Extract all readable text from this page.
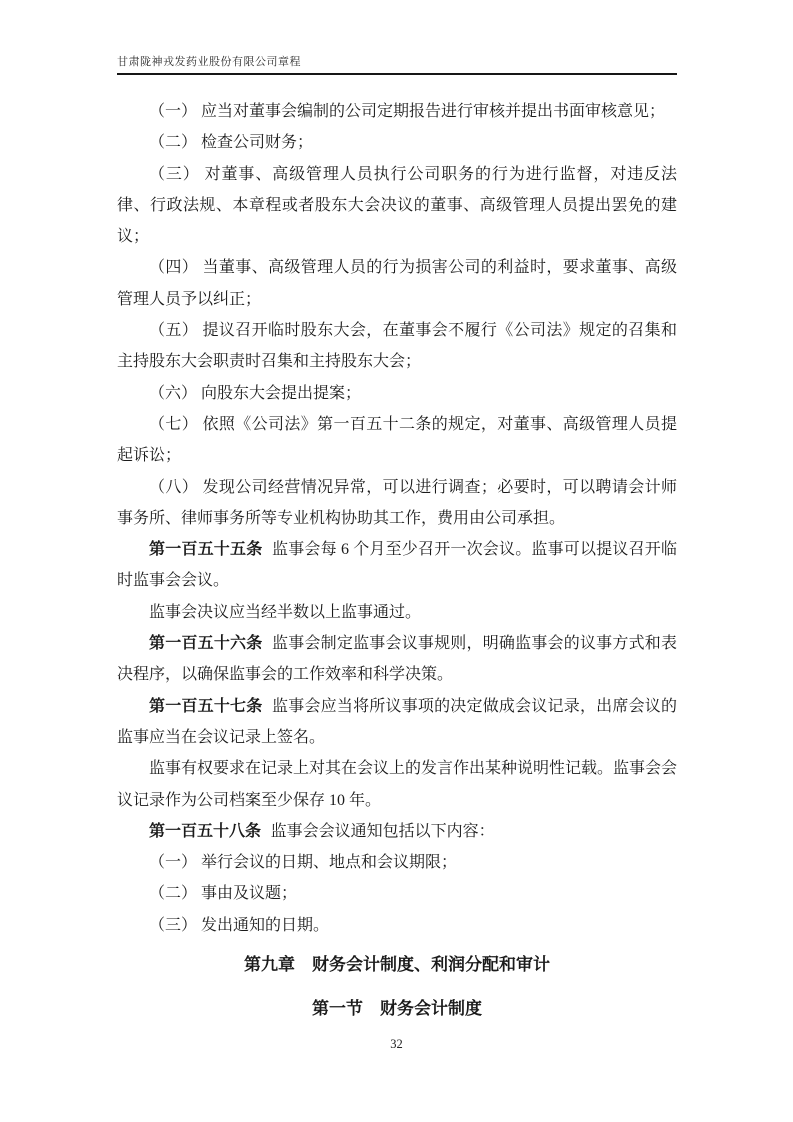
甘肃陇神戎发药业股份有限公司章程

（一） 应当对董事会编制的公司定期报告进行审核并提出书面审核意见；

（二） 检查公司财务；

（三） 对董事、高级管理人员执行公司职务的行为进行监督，对违反法律、行政法规、本章程或者股东大会决议的董事、高级管理人员提出罢免的建议；

（四） 当董事、高级管理人员的行为损害公司的利益时，要求董事、高级管理人员予以纠正；

（五） 提议召开临时股东大会，在董事会不履行《公司法》规定的召集和主持股东大会职责时召集和主持股东大会；

（六） 向股东大会提出提案；

（七） 依照《公司法》第一百五十二条的规定，对董事、高级管理人员提起诉讼；

（八） 发现公司经营情况异常，可以进行调查；必要时，可以聘请会计师事务所、律师事务所等专业机构协助其工作，费用由公司承担。

第一百五十五条 监事会每 6 个月至少召开一次会议。监事可以提议召开临时监事会会议。

监事会决议应当经半数以上监事通过。

第一百五十六条 监事会制定监事会议事规则，明确监事会的议事方式和表决程序，以确保监事会的工作效率和科学决策。

第一百五十七条 监事会应当将所议事项的决定做成会议记录，出席会议的监事应当在会议记录上签名。

监事有权要求在记录上对其在会议上的发言作出某种说明性记载。监事会会议记录作为公司档案至少保存 10 年。

第一百五十八条 监事会会议通知包括以下内容：

（一） 举行会议的日期、地点和会议期限；

（二） 事由及议题；

（三） 发出通知的日期。

第九章　财务会计制度、利润分配和审计
第一节　财务会计制度
32
